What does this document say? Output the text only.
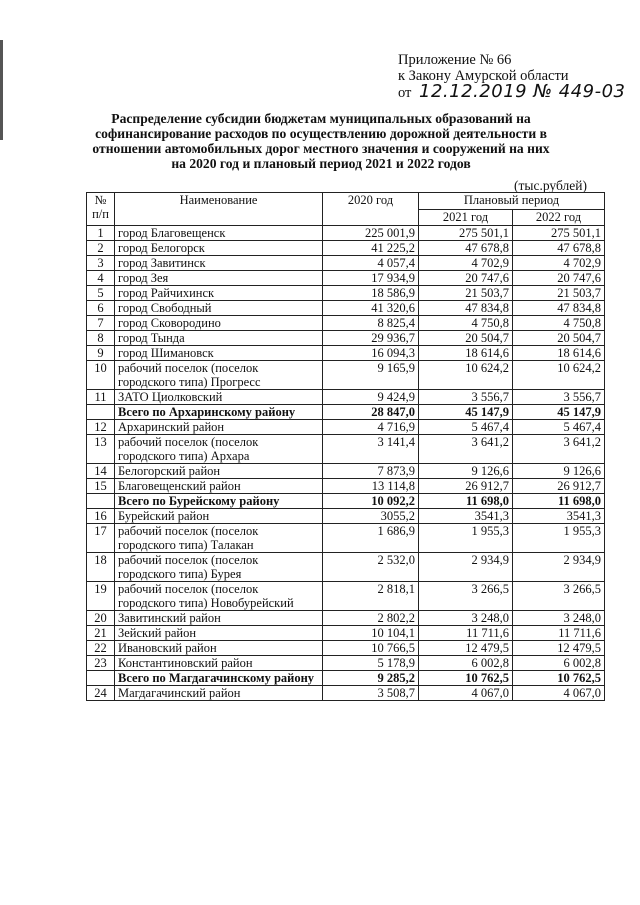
Приложение № 66
к Закону Амурской области
от 12.12.2019 № 449-03
Распределение субсидии бюджетам муниципальных образований на софинансирование расходов по осуществлению дорожной деятельности в отношении автомобильных дорог местного значения и сооружений на них на 2020 год и плановый период 2021 и 2022 годов
(тыс.рублей)
№ п/п	Наименование	2020 год	Плановый период	
			2021 год	2022 год
1	город Благовещенск	225 001,9	275 501,1	275 501,1
2	город Белогорск	41 225,2	47 678,8	47 678,8
3	город Завитинск	4 057,4	4 702,9	4 702,9
4	город Зея	17 934,9	20 747,6	20 747,6
5	город Райчихинск	18 586,9	21 503,7	21 503,7
6	город Свободный	41 320,6	47 834,8	47 834,8
7	город Сковородино	8 825,4	4 750,8	4 750,8
8	город Тында	29 936,7	20 504,7	20 504,7
9	город Шимановск	16 094,3	18 614,6	18 614,6
10	рабочий поселок (поселок городского типа) Прогресс	9 165,9	10 624,2	10 624,2
11	ЗАТО Циолковский	9 424,9	3 556,7	3 556,7
	Всего по Архаринскому району	28 847,0	45 147,9	45 147,9
12	Архаринский район	4 716,9	5 467,4	5 467,4
13	рабочий поселок (поселок городского типа) Архара	3 141,4	3 641,2	3 641,2
14	Белогорский район	7 873,9	9 126,6	9 126,6
15	Благовещенский район	13 114,8	26 912,7	26 912,7
	Всего по Бурейскому району	10 092,2	11 698,0	11 698,0
16	Бурейский район	3055,2	3541,3	3541,3
17	рабочий поселок (поселок городского типа) Талакан	1 686,9	1 955,3	1 955,3
18	рабочий поселок (поселок городского типа) Бурея	2 532,0	2 934,9	2 934,9
19	рабочий поселок (поселок городского типа) Новобурейский	2 818,1	3 266,5	3 266,5
20	Завитинский район	2 802,2	3 248,0	3 248,0
21	Зейский район	10 104,1	11 711,6	11 711,6
22	Ивановский район	10 766,5	12 479,5	12 479,5
23	Константиновский район	5 178,9	6 002,8	6 002,8
	Всего по Магдагачинскому району	9 285,2	10 762,5	10 762,5
24	Магдагачинский район	3 508,7	4 067,0	4 067,0
